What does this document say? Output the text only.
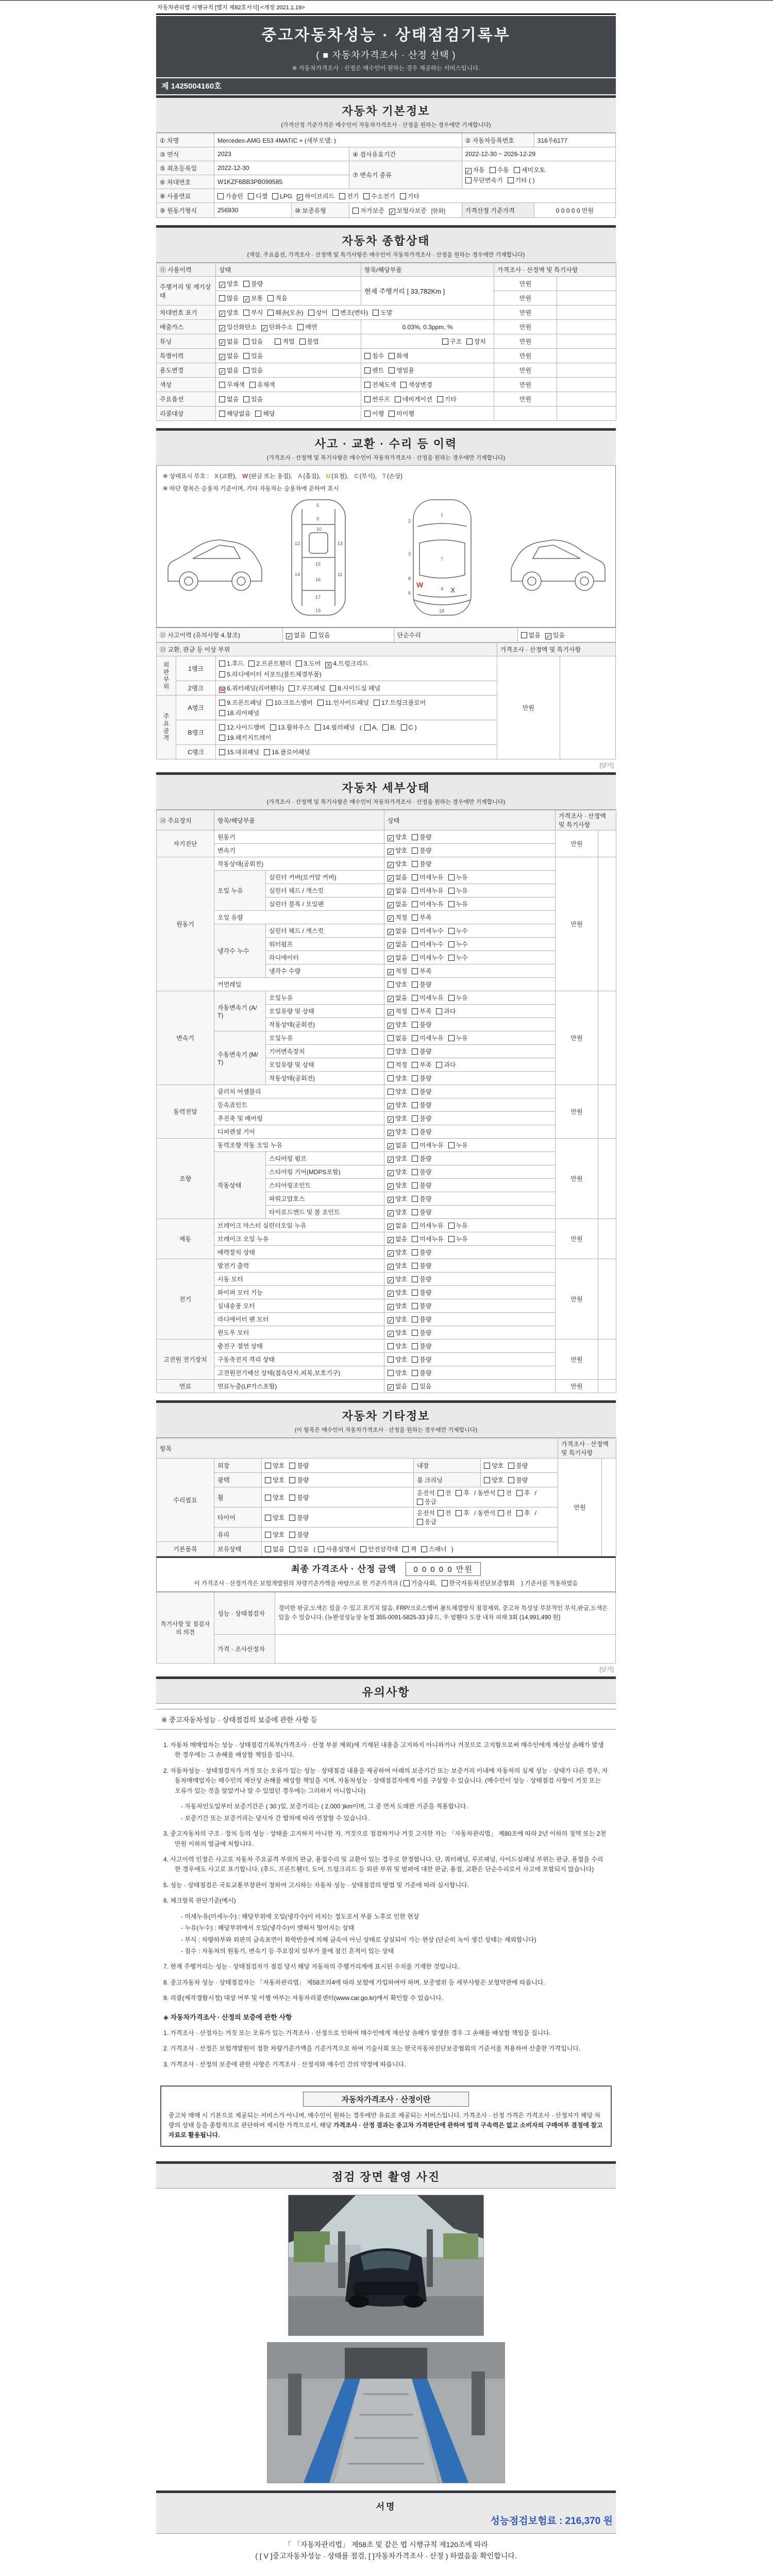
자동차관리법 시행규칙 [별지 제82호서식] <개정 2021.1.19>
중고자동차성능 · 상태점검기록부
( ■ 자동차가격조사 · 산정 선택 )
※ 자동차가격조사 · 산정은 매수인이 원하는 경우 제공하는 서비스입니다.
제 1425004160호
자동차 기본정보
(가격산정 기준가격은 매수인이 자동차가격조사 · 산정을 원하는 경우에만 기재합니다)
① 차명	Mercedes-AMG E53 4MATIC + (세부모델: )			② 자동차등록번호	316우6177
③ 연식	2023		④ 검사유효기간	2022-12-30 ~ 2026-12-29	
⑤ 최초등록일	2022-12-30		⑦ 변속기 종류	✓ 자동 수동 세미오토
무단변속기 기타 ( )	

⑥ 차대번호	W1KZF6BB3PB099585				
⑧ 사용연료	가솔린 디젤 LPG ✓ 하이브리드 전기 수소전기 기타				
⑨ 원동기형식	256930	⑩ 보증유형	자가보증 ✓ 보험사보증 [한화]	가격산정 기준가격	0 0 0 0 0 만원
자동차 종합상태
(색상, 주요옵션, 가격조사 · 산정액 및 특기사항은 매수인이 자동차가격조사 · 산정을 원하는 경우에만 기재합니다)
⑪ 사용이력	상태	항목/해당부품	가격조사 · 산정액 및 특기사항	
주행거리 및 계기상태	✓ 양호 불량	현재 주행거리 [ 33,782Km ]	만원	
	많음 ✓ 보통 적음		만원	
차대번호 표기	✓ 양호 부식 훼손(오손) 상이 변조(변타) 도말		만원	
배출가스	✓ 일산화탄소 ✓ 탄화수소 매연	0.03%, 0.3ppm, %	만원	
튜닝	✓ 없음 있음 적법 불법	구조 장치	만원	
특별이력	✓ 없음 있음	침수 화재	만원	
용도변경	✓ 없음 있음	렌트 영업용	만원	
색상	무채색 유채색	전체도색 색상변경	만원	
주요옵션	없음 있음	썬루프 네비게이션 기타	만원	
리콜대상	해당없음 해당	이행 미이행		
사고 · 교환 · 수리 등 이력
(가격조사 · 산정액 및 특기사항은 매수인이 자동차가격조사 · 산정을 원하는 경우에만 기재합니다)
※ 상태표시 부호 : X (교환), W (판금 또는 용접), A (흠집), U (요철), C (부식), T (손상)
※ 하단 항목은 승용차 기준이며, 기타 자동차는 승용차에 준하여 표시
5
9
10
12	13
14
15
16
17
19
11
1
2
3
7
8
4
6
18
X
W
⑫ 사고이력 (유의사항 4.참조)	✓ 없음 있음	단순수리	없음 ✓ 있음
⑬ 교환, 판금 등 이상 부위			가격조사 · 산정액 및 특기사항	
외판부위	1랭크	1.후드 2.프론트휀더 3.도어 X 4.트렁크리드
5.라디에이터 서포트(볼트체결부품)	만원	
	2랭크	W 6.쿼터패널(리어휀다) 7.루프패널 8.사이드실 패널		
주요골격	A랭크	9.프론트패널 10.크로스멤버 11.인사이드패널 17.트렁크플로어
18.리어패널		

	B랭크	12.사이드멤버 13.휠하우스 14.필러패널 ( A, B, C )
19.패키지트레이		

	C랭크	15.대쉬패널 16.플로어패널		
[닫기]
자동차 세부상태
(가격조사 · 산정액 및 특기사항은 매수인이 자동차가격조사 · 산정을 원하는 경우에만 기재합니다)
⑭ 주요장치	항목/해당부품		상태	가격조사 · 산정액 및 특기사항	
자기진단	원동기		✓ 양호 불량	만원	
	변속기		✓ 양호 불량		
원동기	작동상태(공회전)		✓ 양호 불량	만원	
	오일 누유	실린더 커버(로커암 커버)	✓ 없음 미세누유 누유		
		실린더 헤드 / 개스킷	✓ 없음 미세누유 누유		
		실린더 블록 / 오일팬	✓ 없음 미세누유 누유		
	오일 유량		✓ 적정 부족		
	냉각수 누수	실린더 헤드 / 개스킷	✓ 없음 미세누수 누수		
		워터펌프	✓ 없음 미세누수 누수		
		라디에이터	✓ 없음 미세누수 누수		
		냉각수 수량	✓ 적정 부족		
	커먼레일		양호 불량		
변속기	자동변속기 (A/T)	오일누유	✓ 없음 미세누유 누유	만원	
		오일유량 및 상태	✓ 적정 부족 과다		
		작동상태(공회전)	✓ 양호 불량		
	수동변속기 (M/T)	오일누유	없음 미세누유 누유		
		기어변속장치	양호 불량		
		오일유량 및 상태	적정 부족 과다		
		작동상태(공회전)	양호 불량		
동력전달	클러치 어셈블리		양호 불량	만원	
	등속죠인트		✓ 양호 불량		
	추진축 및 베어링		✓ 양호 불량		
	디퍼렌셜 기어		✓ 양호 불량		
조향	동력조향 작동 오일 누유		✓ 없음 미세누유 누유	만원	
	작동상태	스티어링 펌프	✓ 양호 불량		
		스티어링 기어(MDPS포함)	✓ 양호 불량		
		스티어링조인트	✓ 양호 불량		
		파워고압호스	✓ 양호 불량		
		타이로드엔드 및 볼 조인트	✓ 양호 불량		
제동	브레이크 마스터 실린더오일 누유		✓ 없음 미세누유 누유	만원	
	브레이크 오일 누유		✓ 없음 미세누유 누유		
	배력장치 상태		✓ 양호 불량		
전기	발전기 출력		✓ 양호 불량	만원	
	시동 모터		✓ 양호 불량		
	와이퍼 모터 기능		✓ 양호 불량		
	실내송풍 모터		✓ 양호 불량		
	라디에이터 팬 모터		✓ 양호 불량		
	윈도우 모터		✓ 양호 불량		
고전원 전기장치	충전구 절연 상태		양호 불량	만원	
	구동축전지 격리 상태		양호 불량		
	고전원전기배선 상태(접속단자,피복,보호기구)		양호 불량		
연료	연료누출(LP가스포함)		✓ 없음 있음	만원	
자동차 기타정보
(이 항목은 매수인이 자동차가격조사 · 산정을 원하는 경우에만 기재합니다)
항목					가격조사 · 산정액 및 특기사항	
수리필요	외장	양호 불량	내장	양호 불량	만원	
	광택	양호 불량	룸 크리닝	양호 불량		
	휠	양호 불량	운전석 전 후 / 동반석 전 후 /응급			
	타이어	양호 불량	운전석 전 후 / 동반석 전 후 /응급			
	유리	양호 불량				
기본품목	보유상태	없음 있음 ( 사용설명서 안전삼각대 잭 스패너 )				
최종 가격조사 · 산정 금액 0 0 0 0 0 만원
이 가격조사 · 산정가격은 보험개발원의 차량기준가액을 바탕으로 한 기준가격과 ( 기술사회, 한국자동차진단보증협회 ) 기준서를 적용하였음
특기사항 및 점검자의 의견	성능 · 상태점검자	경미한 판금,도색은 있을 수 있고 표기치 않음, FRP/크로스멤버 볼트체결방식 점검제외, 중고차 특성상 부분적인 부식,판금,도색은 있을 수 있습니다. (뉴완성성능장 농협 355-0091-5825-33 )후드, 우 앞휀다 도장 내차 피해 3회 (14,991,490 원)
	가격 · 조사산정자	
[닫기]
유의사항
※ 중고자동차성능 · 상태점검의 보증에 관한 사항 등
1. 자동차 매매업자는 성능 · 상태점검기록부(가격조사 · 산정 부분 제외)에 기재된 내용을 고지하지 아니하거나 거짓으로 고지함으로써 매수인에게 재산상 손해가 발생한 경우에는 그 손해를 배상할 책임을 집니다.
2. 자동차성능 · 상태점검자가 거짓 또는 오류가 있는 성능 · 상태점검 내용을 제공하여 아래의 보증기간 또는 보증거리 이내에 자동차의 실제 성능 · 상태가 다른 경우, 자동차매매업자는 매수인의 재산상 손해를 배상할 책임을 지며, 자동차성능 · 상태점검자에게 이를 구상할 수 있습니다. (매수인이 성능 · 상태점검 사항이 거짓 또는 오류가 있는 것을 알았거나 알 수 있었던 경우에는 그러하지 아니합니다)
- 자동차인도일부터 보증기간은 ( 30 )일, 보증거리는 ( 2,000 )km이며, 그 중 먼저 도래한 기준을 적용합니다.
- 보증기간 또는 보증거리는 당사자 간 합의에 따라 연장할 수 있습니다.
3. 중고자동차의 구조 · 장치 등의 성능 · 상태를 고지하지 아니한 자, 거짓으로 점검하거나 거짓 고지한 자는 「자동차관리법」 제80조에 따라 2년 이하의 징역 또는 2천만원 이하의 벌금에 처합니다.
4. 사고이력 인정은 사고로 자동차 주요골격 부위의 판금, 용접수리 및 교환이 있는 경우로 한정합니다. 단, 쿼터패널, 루프패널, 사이드실패널 부위는 판금, 용접을 수리한 경우에도 사고로 표기합니다. (후드, 프론트휀더, 도어, 트렁크리드 등 외판 부위 및 범퍼에 대한 판금, 용접, 교환은 단순수리로서 사고에 포함되지 않습니다)
5. 성능 · 상태점검은 국토교통부장관이 정하여 고시하는 자동차 성능 · 상태점검의 방법 및 기준에 따라 실시합니다.
6. 체크항목 판단기준(예시)
- 미세누유(미세누수) : 해당부위에 오일(냉각수)이 비치는 정도로서 부품 노후로 인한 현상
- 누유(누수) : 해당부위에서 오일(냉각수)이 맺혀서 떨어지는 상태
- 부식 : 차량하부와 외판의 금속표면이 화학반응에 의해 금속이 아닌 상태로 상실되어 가는 현상 (단순히 녹이 생긴 상태는 제외합니다)
- 침수 : 자동차의 원동기, 변속기 등 주요장치 일부가 물에 잠긴 흔적이 있는 상태
7. 현재 주행거리는 성능 · 상태점검자가 점검 당시 해당 자동차의 주행거리계에 표시된 수치를 기재한 것입니다.
8. 중고자동차 성능 · 상태점검자는 「자동차관리법」 제58조의4에 따라 보험에 가입하여야 하며, 보증범위 등 세부사항은 보험약관에 따릅니다.
9. 리콜(제작결함시정) 대상 여부 및 이행 여부는 자동차리콜센터(www.car.go.kr)에서 확인할 수 있습니다.
◈ 자동차가격조사 · 산정의 보증에 관한 사항
1. 가격조사 · 산정자는 거짓 또는 오류가 있는 가격조사 · 산정으로 인하여 매수인에게 재산상 손해가 발생한 경우 그 손해를 배상할 책임을 집니다.
2. 가격조사 · 산정은 보험개발원이 정한 차량기준가액을 기준가격으로 하여 기술사회 또는 한국자동차진단보증협회의 기준서를 적용하여 산출한 가격입니다.
3. 가격조사 · 산정의 보증에 관한 사항은 가격조사 · 산정자와 매수인 간의 약정에 따릅니다.
자동차가격조사 · 산정이란
중고차 매매 시 기본으로 제공되는 서비스가 아니며, 매수인이 원하는 경우에만 유료로 제공되는 서비스입니다. 가격조사 · 산정 가격은 가격조사 · 산정자가 해당 차량의 상태 등을 종합적으로 판단하여 제시한 가격으로서, 해당 가격조사 · 산정 결과는 중고차 가격판단에 관하여 법적 구속력은 없고 소비자의 구매여부 결정에 참고자료로 활용됩니다.
점검 장면 촬영 사진
서명
성능점검보험료 : 216,370 원
「 「자동차관리법」 제58조 및 같은 법 시행규칙 제120조에 따라
( [ V ]중고자동차성능 · 상태를 점검, [ ]자동차가격조사 · 산정 ) 하였음을 확인합니다.
